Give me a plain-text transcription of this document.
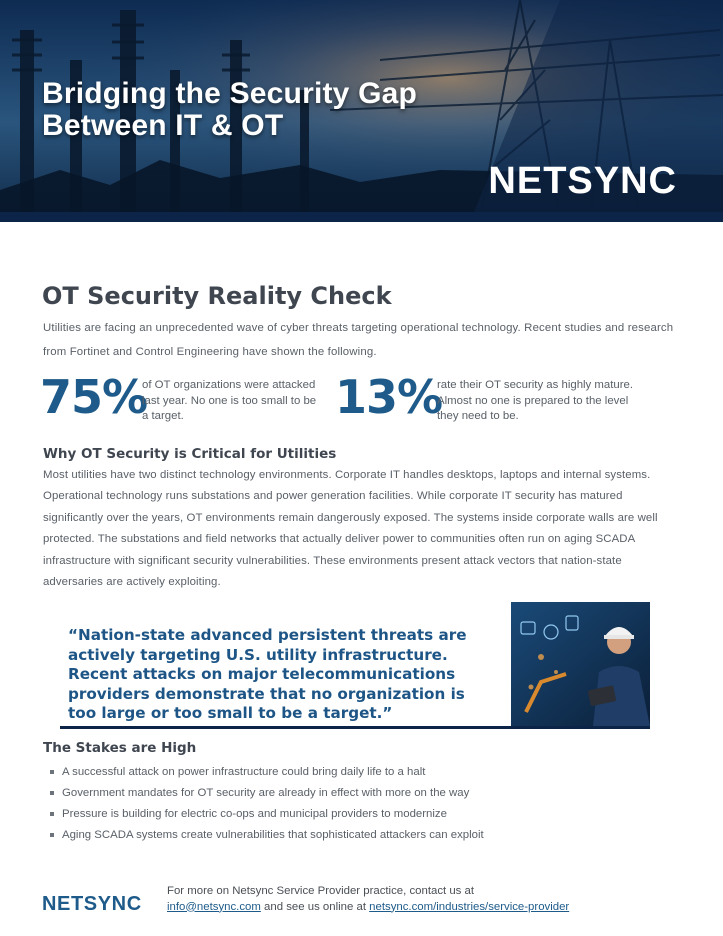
Bridging the Security Gap
Between IT & OT
NETSYNC
OT Security Reality Check

Utilities are facing an unprecedented wave of cyber threats targeting operational technology. Recent studies and research from Fortinet and Control Engineering have shown the following.

75%
of OT organizations were attacked last year. No one is too small to be a target.	13%
rate their OT security as highly mature. Almost no one is prepared to the level they need to be.
Why OT Security is Critical for Utilities

Most utilities have two distinct technology environments. Corporate IT handles desktops, laptops and internal systems. Operational technology runs substations and power generation facilities. While corporate IT security has matured significantly over the years, OT environments remain dangerously exposed. The systems inside corporate walls are well protected. The substations and field networks that actually deliver power to communities often run on aging SCADA infrastructure with significant security vulnerabilities. These environments present attack vectors that nation-state adversaries are actively exploiting.

“Nation-state advanced persistent threats are actively targeting U.S. utility infrastructure. Recent attacks on major telecommunications providers demonstrate that no organization is too large or too small to be a target.”

The Stakes are High
A successful attack on power infrastructure could bring daily life to a halt
Government mandates for OT security are already in effect with more on the way
Pressure is building for electric co-ops and municipal providers to modernize
Aging SCADA systems create vulnerabilities that sophisticated attackers can exploit
NETSYNC

For more on Netsync Service Provider practice, contact us at
info@netsync.com and see us online at netsync.com/industries/service-provider
